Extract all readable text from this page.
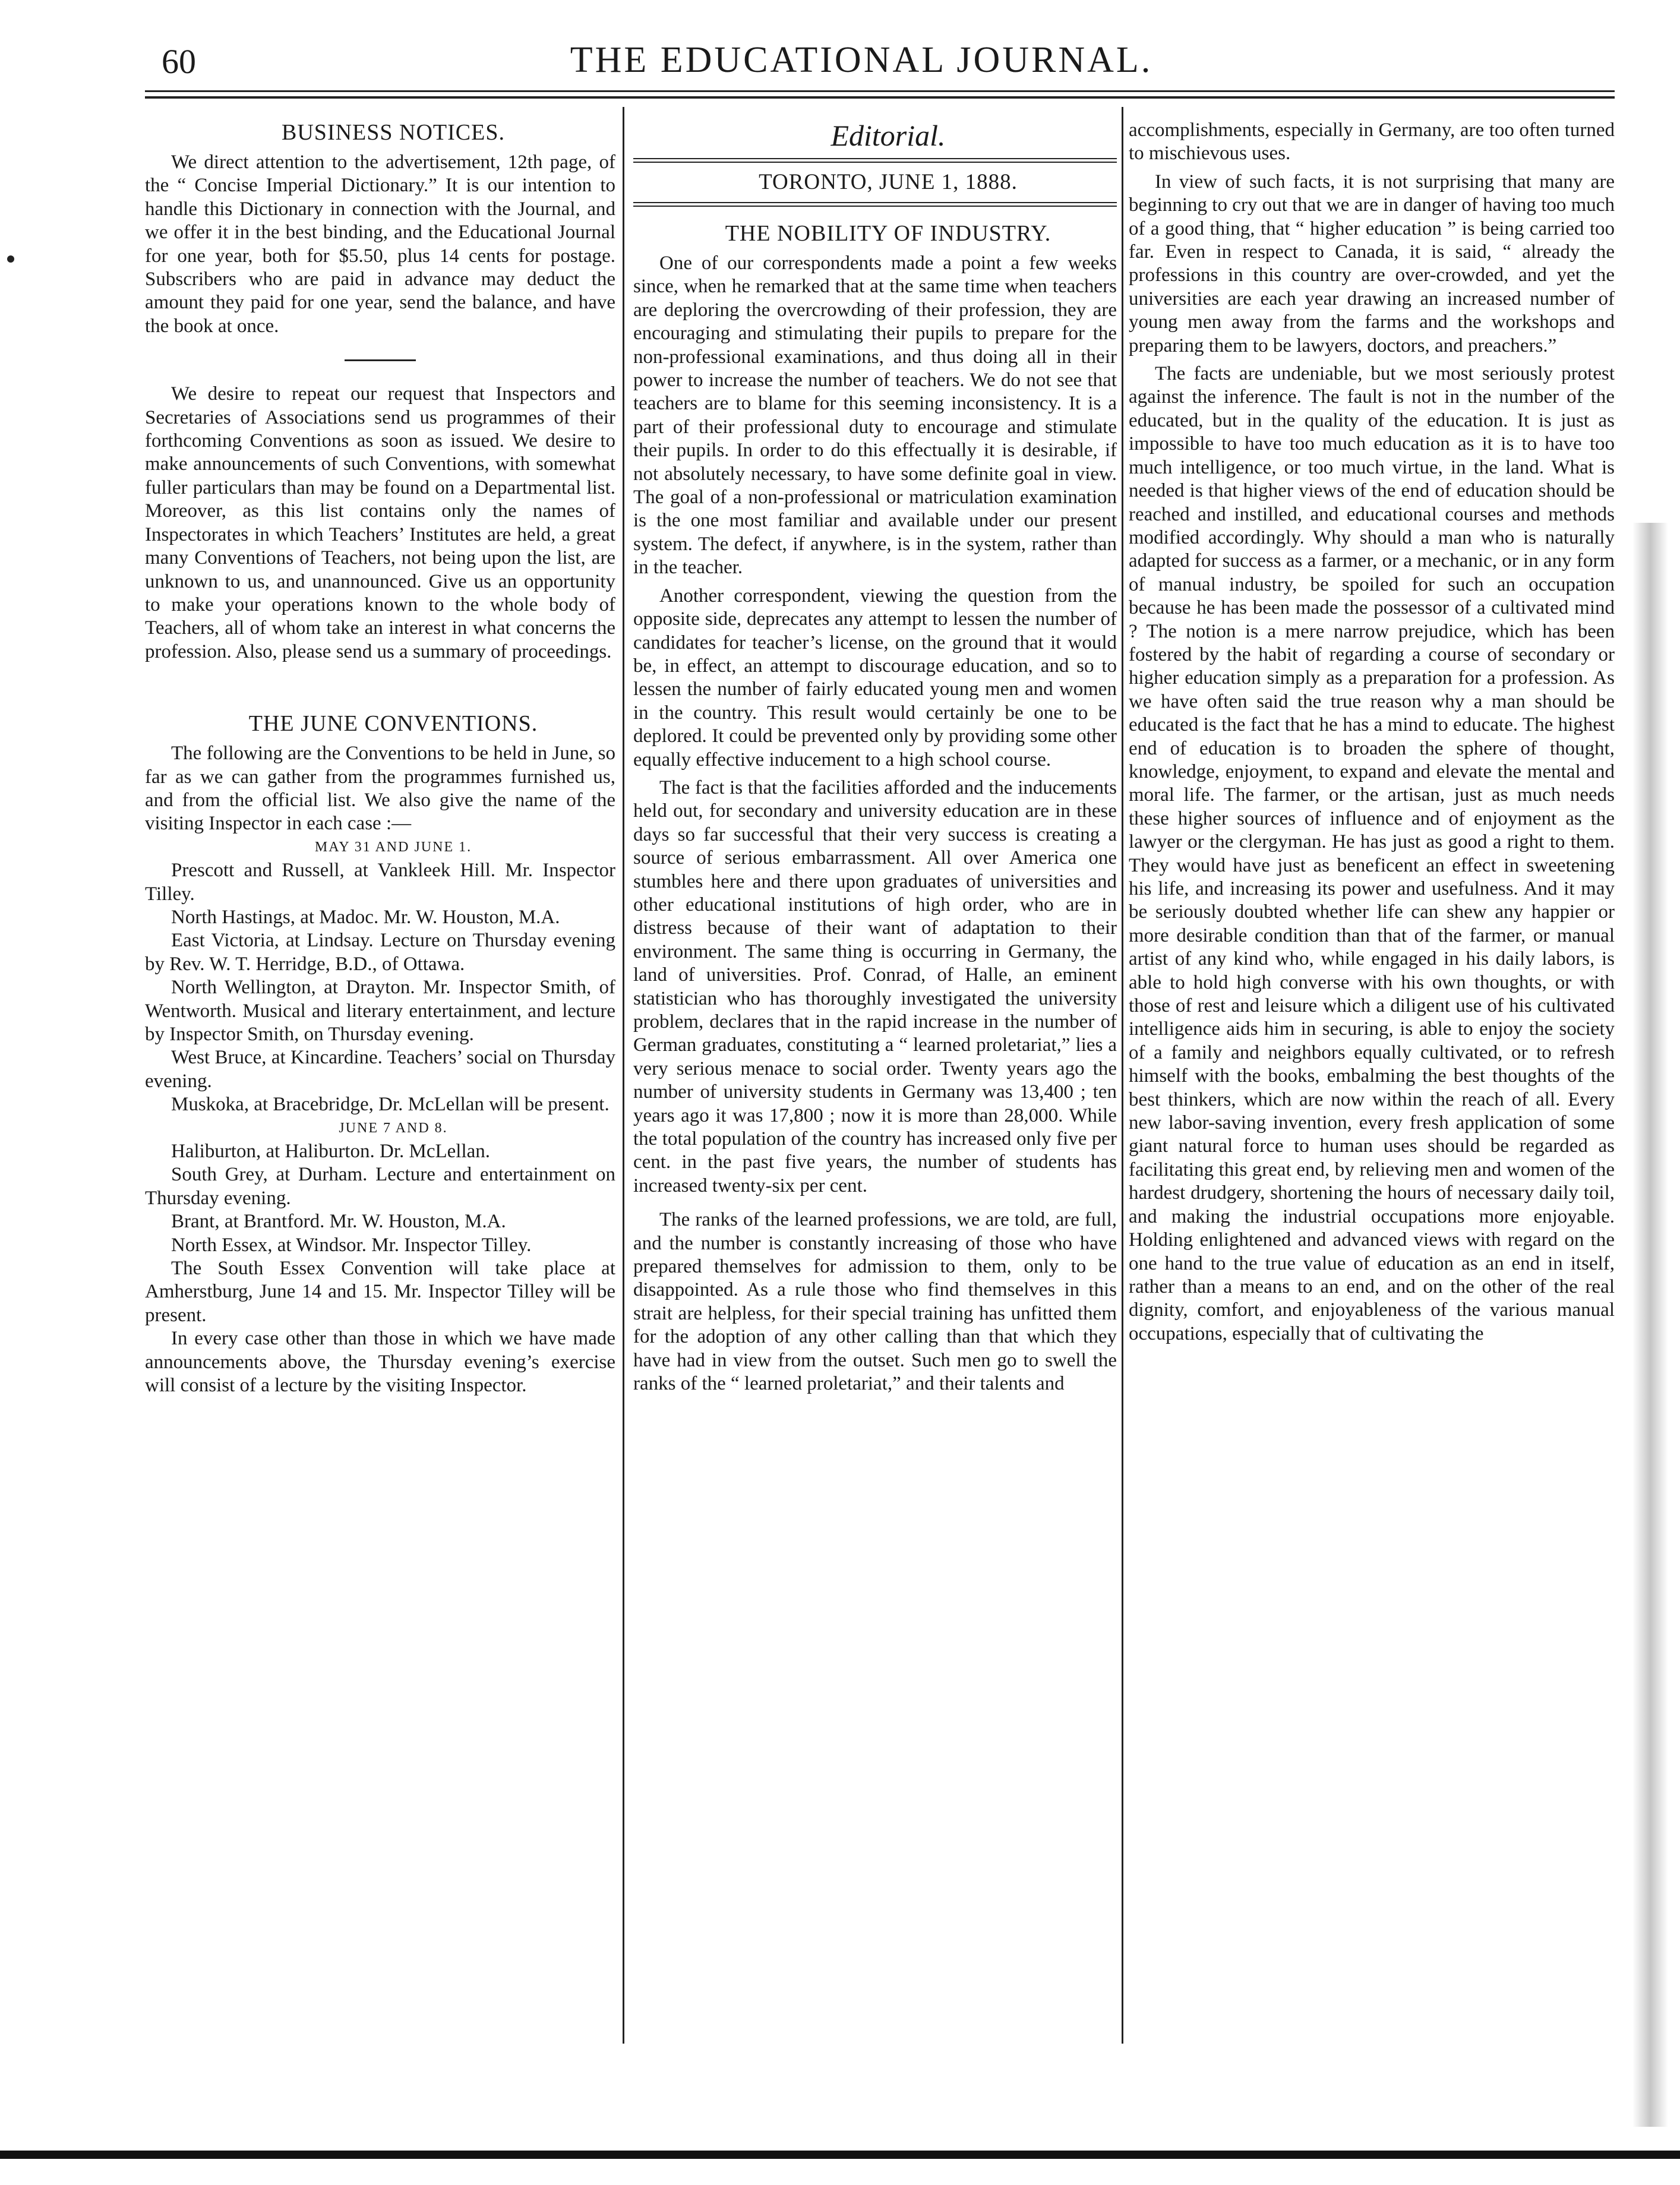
60	THE EDUCATIONAL JOURNAL.

BUSINESS NOTICES.

We direct attention to the advertisement, 12th page, of the “ Concise Imperial Dictionary.” It is our intention to handle this Dictionary in connection with the Journal, and we offer it in the best binding, and the Educational Journal for one year, both for $5.50, plus 14 cents for postage. Subscribers who are paid in advance may deduct the amount they paid for one year, send the balance, and have the book at once.

We desire to repeat our request that Inspectors and Secretaries of Associations send us programmes of their forthcoming Conventions as soon as issued. We desire to make announcements of such Conventions, with somewhat fuller particulars than may be found on a Departmental list. Moreover, as this list contains only the names of Inspectorates in which Teachers’ Institutes are held, a great many Conventions of Teachers, not being upon the list, are unknown to us, and unannounced. Give us an opportunity to make your operations known to the whole body of Teachers, all of whom take an interest in what concerns the profession. Also, please send us a summary of proceedings.

THE JUNE CONVENTIONS.

The following are the Conventions to be held in June, so far as we can gather from the programmes furnished us, and from the official list. We also give the name of the visiting Inspector in each case :—

MAY 31 AND JUNE 1.

Prescott and Russell, at Vankleek Hill. Mr. Inspector Tilley.

North Hastings, at Madoc. Mr. W. Houston, M.A.

East Victoria, at Lindsay. Lecture on Thursday evening by Rev. W. T. Herridge, B.D., of Ottawa.

North Wellington, at Drayton. Mr. Inspector Smith, of Wentworth. Musical and literary entertainment, and lecture by Inspector Smith, on Thursday evening.

West Bruce, at Kincardine. Teachers’ social on Thursday evening.

Muskoka, at Bracebridge, Dr. McLellan will be present.

JUNE 7 AND 8.

Haliburton, at Haliburton. Dr. McLellan.

South Grey, at Durham. Lecture and entertainment on Thursday evening.

Brant, at Brantford. Mr. W. Houston, M.A.

North Essex, at Windsor. Mr. Inspector Tilley.

The South Essex Convention will take place at Amherstburg, June 14 and 15. Mr. Inspector Tilley will be present.

In every case other than those in which we have made announcements above, the Thursday evening’s exercise will consist of a lecture by the visiting Inspector.

Editorial.

TORONTO, JUNE 1, 1888.

THE NOBILITY OF INDUSTRY.

One of our correspondents made a point a few weeks since, when he remarked that at the same time when teachers are deploring the overcrowding of their profession, they are encouraging and stimulating their pupils to prepare for the non-professional examinations, and thus doing all in their power to increase the number of teachers. We do not see that teachers are to blame for this seeming inconsistency. It is a part of their professional duty to encourage and stimulate their pupils. In order to do this effectually it is desirable, if not absolutely necessary, to have some definite goal in view. The goal of a non-professional or matriculation examination is the one most familiar and available under our present system. The defect, if anywhere, is in the system, rather than in the teacher.

Another correspondent, viewing the question from the opposite side, deprecates any attempt to lessen the number of candidates for teacher’s license, on the ground that it would be, in effect, an attempt to discourage education, and so to lessen the number of fairly educated young men and women in the country. This result would certainly be one to be deplored. It could be prevented only by providing some other equally effective inducement to a high school course.

The fact is that the facilities afforded and the inducements held out, for secondary and university education are in these days so far successful that their very success is creating a source of serious embarrassment. All over America one stumbles here and there upon graduates of universities and other educational institutions of high order, who are in distress because of their want of adaptation to their environment. The same thing is occurring in Germany, the land of universities. Prof. Conrad, of Halle, an eminent statistician who has thoroughly investigated the university problem, declares that in the rapid increase in the number of German graduates, constituting a “ learned proletariat,” lies a very serious menace to social order. Twenty years ago the number of university students in Germany was 13,400 ; ten years ago it was 17,800 ; now it is more than 28,000. While the total population of the country has increased only five per cent. in the past five years, the number of students has increased twenty-six per cent.

The ranks of the learned professions, we are told, are full, and the number is constantly increasing of those who have prepared themselves for admission to them, only to be disappointed. As a rule those who find themselves in this strait are helpless, for their special training has unfitted them for the adoption of any other calling than that which they have had in view from the outset. Such men go to swell the ranks of the “ learned proletariat,” and their talents and

accomplishments, especially in Germany, are too often turned to mischievous uses.

In view of such facts, it is not surprising that many are beginning to cry out that we are in danger of having too much of a good thing, that “ higher education ” is being carried too far. Even in respect to Canada, it is said, “ already the professions in this country are over-crowded, and yet the universities are each year drawing an increased number of young men away from the farms and the workshops and preparing them to be lawyers, doctors, and preachers.”

The facts are undeniable, but we most seriously protest against the inference. The fault is not in the number of the educated, but in the quality of the education. It is just as impossible to have too much education as it is to have too much intelligence, or too much virtue, in the land. What is needed is that higher views of the end of education should be reached and instilled, and educational courses and methods modified accordingly. Why should a man who is naturally adapted for success as a farmer, or a mechanic, or in any form of manual industry, be spoiled for such an occupation because he has been made the possessor of a cultivated mind ? The notion is a mere narrow prejudice, which has been fostered by the habit of regarding a course of secondary or higher education simply as a preparation for a profession. As we have often said the true reason why a man should be educated is the fact that he has a mind to educate. The highest end of education is to broaden the sphere of thought, knowledge, enjoyment, to expand and elevate the mental and moral life. The farmer, or the artisan, just as much needs these higher sources of influence and of enjoyment as the lawyer or the clergyman. He has just as good a right to them. They would have just as beneficent an effect in sweetening his life, and increasing its power and usefulness. And it may be seriously doubted whether life can shew any happier or more desirable condition than that of the farmer, or manual artist of any kind who, while engaged in his daily labors, is able to hold high converse with his own thoughts, or with those of rest and leisure which a diligent use of his cultivated intelligence aids him in securing, is able to enjoy the society of a family and neighbors equally cultivated, or to refresh himself with the books, embalming the best thoughts of the best thinkers, which are now within the reach of all. Every new labor-saving invention, every fresh application of some giant natural force to human uses should be regarded as facilitating this great end, by relieving men and women of the hardest drudgery, shortening the hours of necessary daily toil, and making the industrial occupations more enjoyable. Holding enlightened and advanced views with regard on the one hand to the true value of education as an end in itself, rather than a means to an end, and on the other of the real dignity, comfort, and enjoyableness of the various manual occupations, especially that of cultivating the
